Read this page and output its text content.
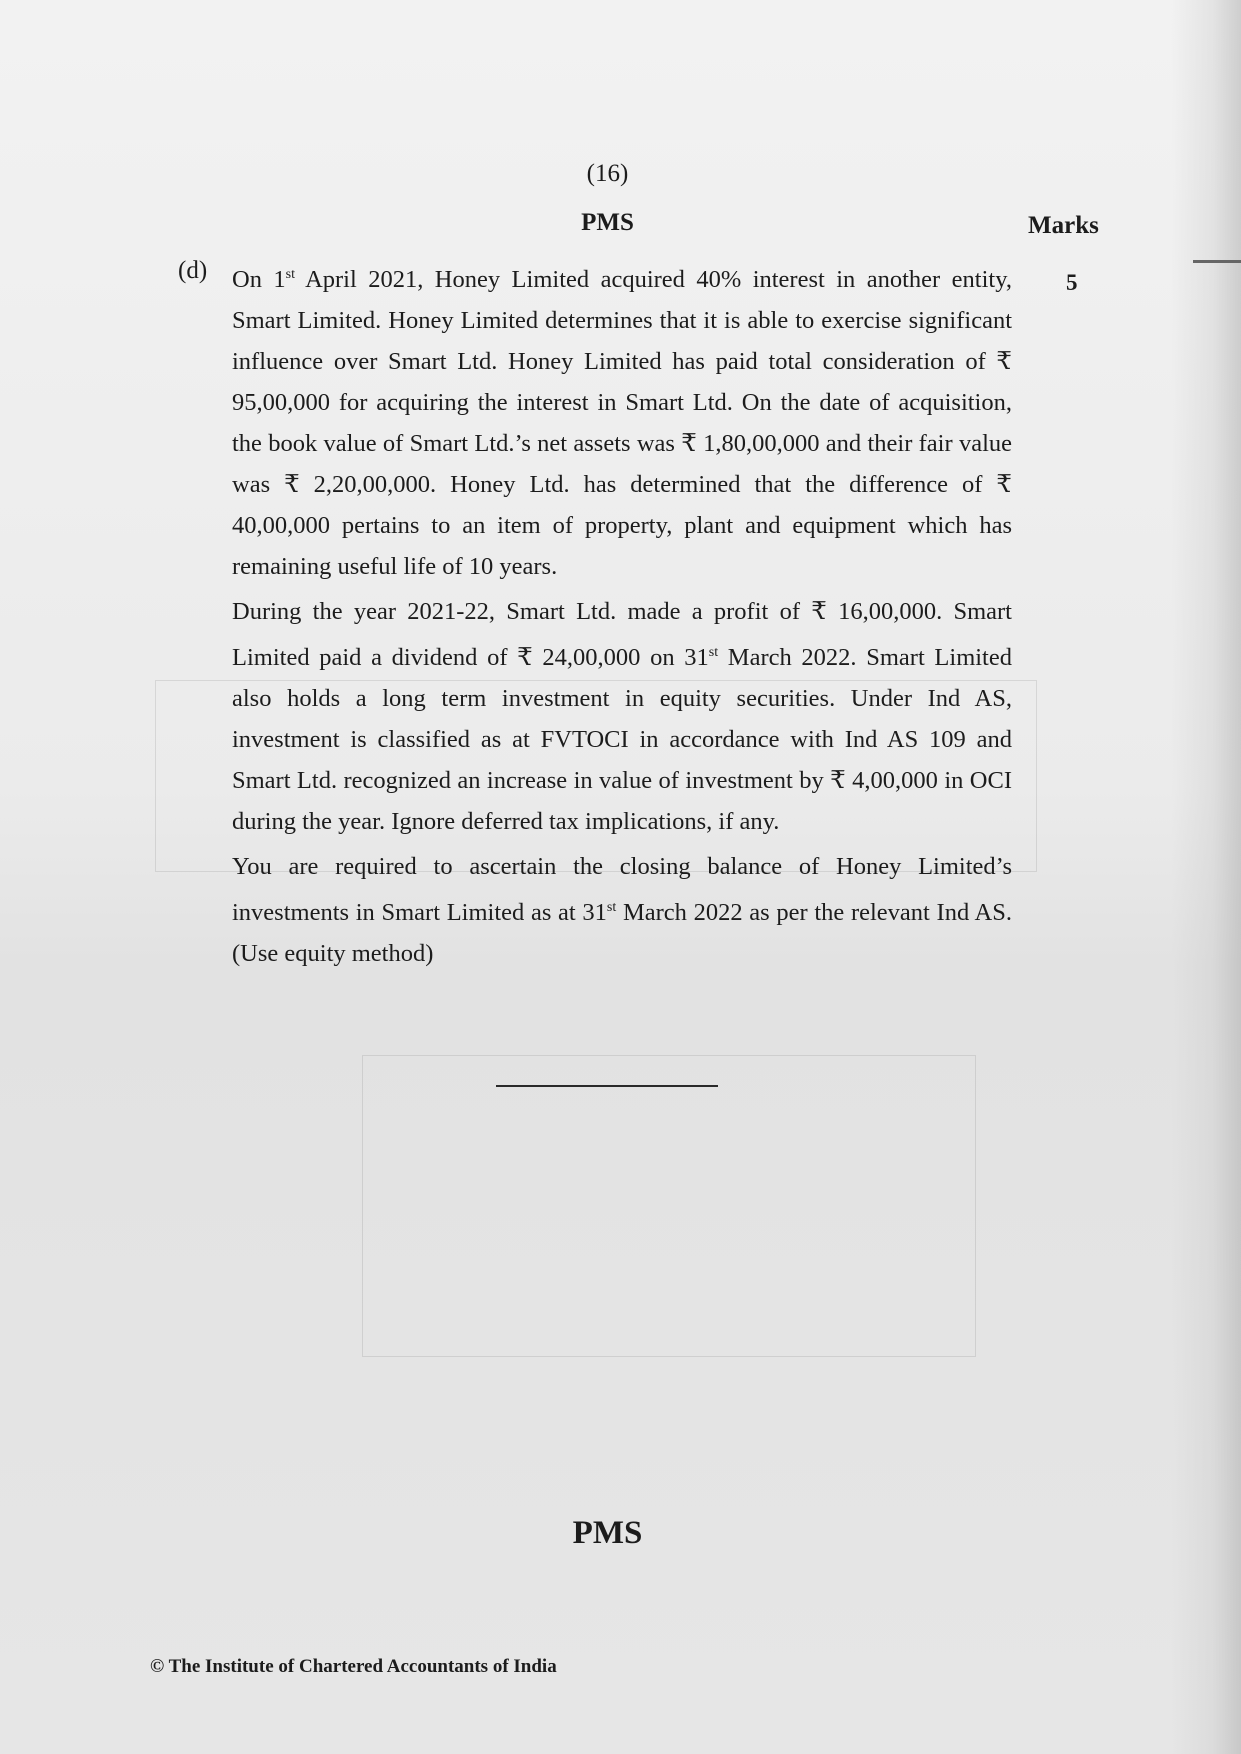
(16)
PMS	Marks
5
(d) On 1st April 2021, Honey Limited acquired 40% interest in another entity, Smart Limited. Honey Limited determines that it is able to exercise significant influence over Smart Ltd. Honey Limited has paid total consideration of ₹ 95,00,000 for acquiring the interest in Smart Ltd. On the date of acquisition, the book value of Smart Ltd.’s net assets was ₹ 1,80,00,000 and their fair value was ₹ 2,20,00,000. Honey Ltd. has determined that the difference of ₹ 40,00,000 pertains to an item of property, plant and equipment which has remaining useful life of 10 years.

During the year 2021-22, Smart Ltd. made a profit of ₹ 16,00,000. Smart Limited paid a dividend of ₹ 24,00,000 on 31st March 2022. Smart Limited also holds a long term investment in equity securities. Under Ind AS, investment is classified as at FVTOCI in accordance with Ind AS 109 and Smart Ltd. recognized an increase in value of investment by ₹ 4,00,000 in OCI during the year. Ignore deferred tax implications, if any.

You are required to ascertain the closing balance of Honey Limited’s investments in Smart Limited as at 31st March 2022 as per the relevant Ind AS. (Use equity method)

PMS
© The Institute of Chartered Accountants of India
